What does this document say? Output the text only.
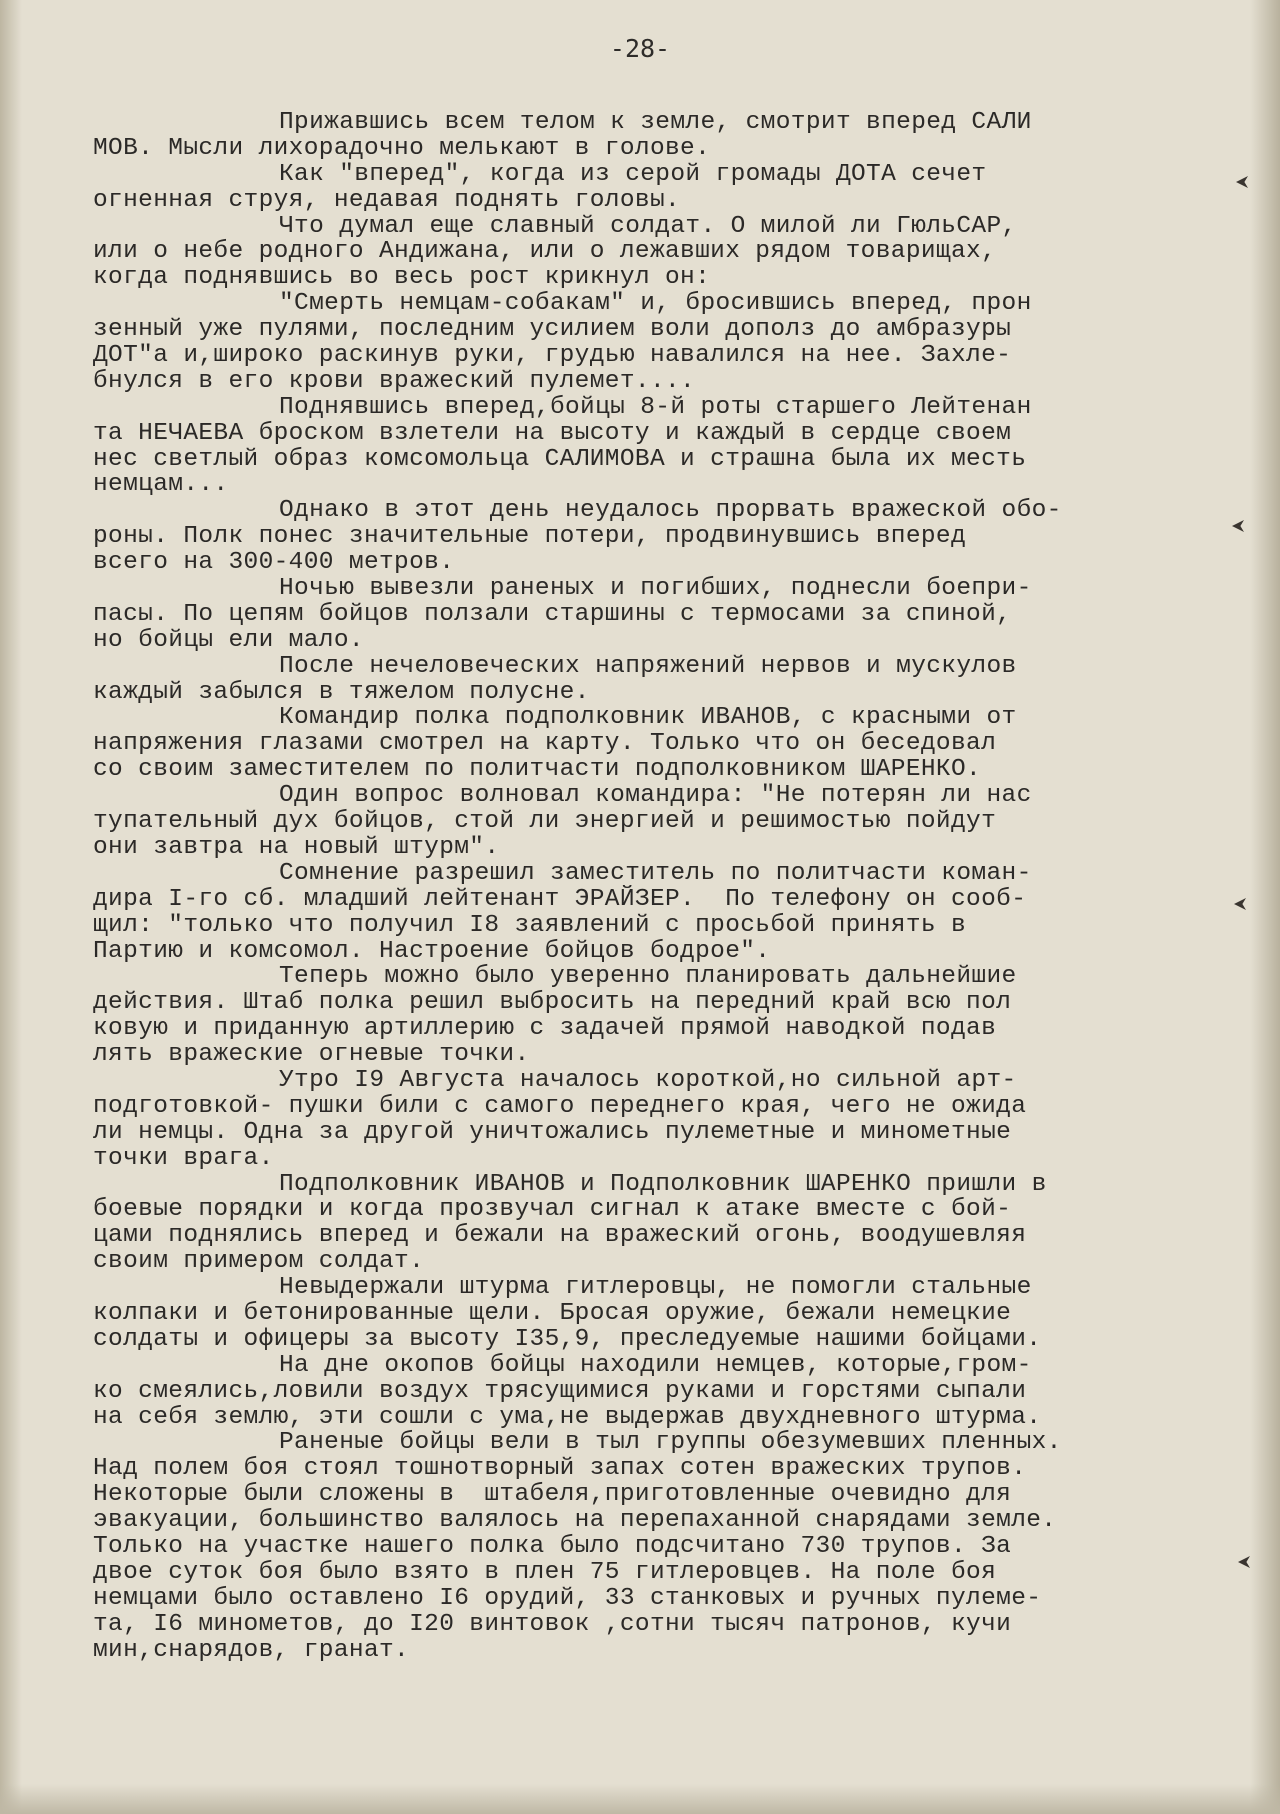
-28-
Прижавшись всем телом к земле, смотрит вперед САЛИ
МОВ. Мысли лихорадочно мелькают в голове.
Как "вперед", когда из серой громады ДОТА сечет
огненная струя, недавая поднять головы.
Что думал еще славный солдат. О милой ли ГюльСАР,
или о небе родного Андижана, или о лежавших рядом товарищах,
когда поднявшись во весь рост крикнул он:
"Смерть немцам-собакам" и, бросившись вперед, прон
зенный уже пулями, последним усилием воли дополз до амбразуры
ДОТ"а и,широко раскинув руки, грудью навалился на нее. Захле-
бнулся в его крови вражеский пулемет....
Поднявшись вперед,бойцы 8-й роты старшего Лейтенан
та НЕЧАЕВА броском взлетели на высоту и каждый в сердце своем
нес светлый образ комсомольца САЛИМОВА и страшна была их месть
немцам...
Однако в этот день неудалось прорвать вражеской обо-
роны. Полк понес значительные потери, продвинувшись вперед
всего на 300-400 метров.
Ночью вывезли раненых и погибших, поднесли боепри-
пасы. По цепям бойцов ползали старшины с термосами за спиной,
но бойцы ели мало.
После нечеловеческих напряжений нервов и мускулов
каждый забылся в тяжелом полусне.
Командир полка подполковник ИВАНОВ, с красными от
напряжения глазами смотрел на карту. Только что он беседовал
со своим заместителем по политчасти подполковником ШАРЕНКО.
Один вопрос волновал командира: "Не потерян ли нас
тупательный дух бойцов, стой ли энергией и решимостью пойдут
они завтра на новый штурм".
Сомнение разрешил заместитель по политчасти коман-
дира I-го сб. младший лейтенант ЭРАЙЗЕР.  По телефону он сооб-
щил: "только что получил I8 заявлений с просьбой принять в
Партию и комсомол. Настроение бойцов бодрое".
Теперь можно было уверенно планировать дальнейшие
действия. Штаб полка решил выбросить на передний край всю пол
ковую и приданную артиллерию с задачей прямой наводкой подав
лять вражеские огневые точки.
Утро I9 Августа началось короткой,но сильной арт-
подготовкой- пушки били с самого переднего края, чего не ожида
ли немцы. Одна за другой уничтожались пулеметные и минометные
точки врага.
Подполковник ИВАНОВ и Подполковник ШАРЕНКО пришли в
боевые порядки и когда прозвучал сигнал к атаке вместе с бой-
цами поднялись вперед и бежали на вражеский огонь, воодушевляя
своим примером солдат.
Невыдержали штурма гитлеровцы, не помогли стальные
колпаки и бетонированные щели. Бросая оружие, бежали немецкие
солдаты и офицеры за высоту I35,9, преследуемые нашими бойцами.
На дне окопов бойцы находили немцев, которые,гром-
ко смеялись,ловили воздух трясущимися руками и горстями сыпали
на себя землю, эти сошли с ума,не выдержав двухдневного штурма.
Раненые бойцы вели в тыл группы обезумевших пленных.
Над полем боя стоял тошнотворный запах сотен вражеских трупов.
Некоторые были сложены в  штабеля,приготовленные очевидно для
эвакуации, большинство валялось на перепаханной снарядами земле.
Только на участке нашего полка было подсчитано 730 трупов. За
двое суток боя было взято в плен 75 гитлеровцев. На поле боя
немцами было оставлено I6 орудий, 33 станковых и ручных пулеме-
та, I6 минометов, до I20 винтовок ,сотни тысяч патронов, кучи
мин,снарядов, гранат.
